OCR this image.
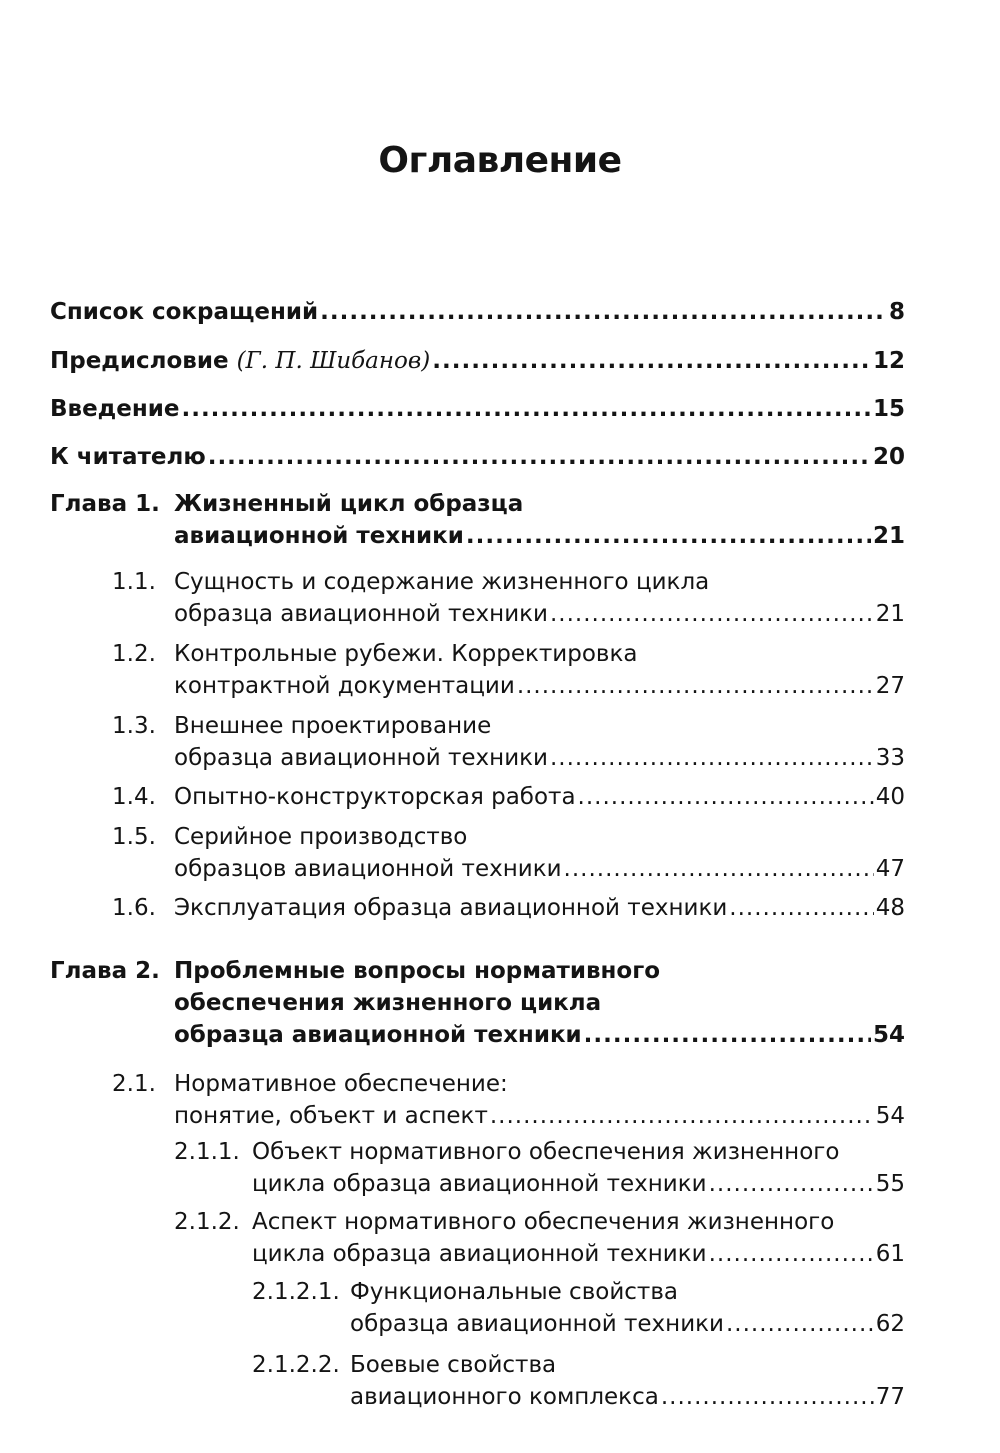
Оглавление
Список сокращений .....	8
Предисловие
(Г. П. Шибанов) .....	12
Введение .....	15
К читателю .....	20
Глава 1. Жизненный цикл образца
авиационной техники .....	21
1.1. Сущность и содержание жизненного цикла
образца авиационной техники .....	21
1.2. Контрольные рубежи. Корректировка
контрактной документации .....	27
1.3. Внешнее проектирование
образца авиационной техники .....	33
1.4. Опытно-конструкторская работа .....	40
1.5. Серийное производство
образцов авиационной техники .....	47
1.6. Эксплуатация образца авиационной техники .....	48
Глава 2. Проблемные вопросы нормативного
обеспечения жизненного цикла
образца авиационной техники .....	54
2.1. Нормативное обеспечение:
понятие, объект и аспект .....	54
2.1.1. Объект нормативного обеспечения жизненного
цикла образца авиационной техники .....	55
2.1.2. Аспект нормативного обеспечения жизненного
цикла образца авиационной техники .....	61
2.1.2.1. Функциональные свойства
образца авиационной техники .....	62
2.1.2.2. Боевые свойства
авиационного комплекса .....	77
